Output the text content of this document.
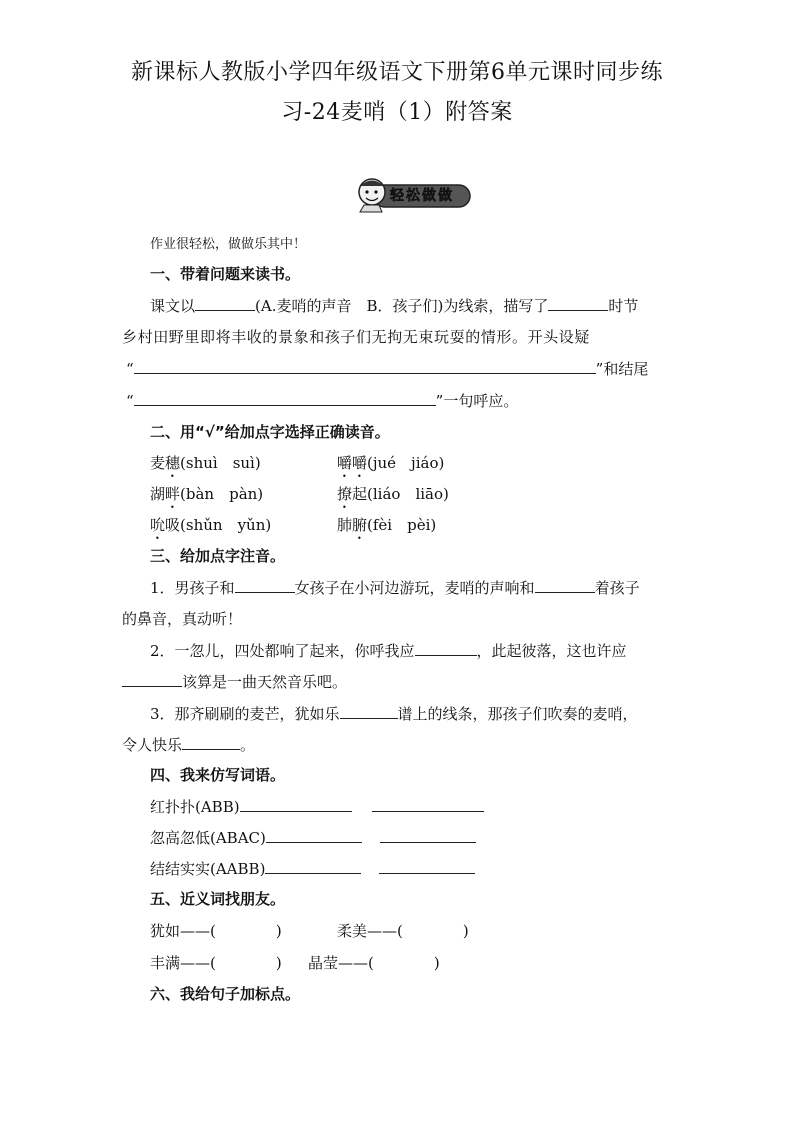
新课标人教版小学四年级语文下册第6单元课时同步练
习-24麦哨（1）附答案
轻松做做
作业很轻松，做做乐其中！
一、带着问题来读书。
课文以	(A.麦哨的声音　B．孩子们)为线索，描写了	时节
乡村田野里即将丰收的景象和孩子们无拘无束玩耍的情形。开头设疑
“	”和结尾
“	”一句呼应。
二、用“√”给加点字选择正确读音。
麦穗(shuì　suì)	嚼嚼(jué　jiáo)
湖畔(bàn　pàn)	撩起(liáo　liāo)
吮吸(shǔn　yǔn)	肺腑(fèi　pèi)
三、给加点字注音。
1．男孩子和	女孩子在小河边游玩，麦哨的声响和	着孩子
的鼻音，真动听！
2．一忽儿，四处都响了起来，你呼我应	，此起彼落，这也许应
该算是一曲天然音乐吧。
3．那齐刷刷的麦芒，犹如乐	谱上的线条，那孩子们吹奏的麦哨，
令人快乐	。
四、我来仿写词语。
红扑扑(ABB)
忽高忽低(ABAC)
结结实实(AABB)
五、近义词找朋友。
犹如——(　　　　)	柔美——(　　　　)
丰满——(　　　　) 晶莹——(　　　　)
六、我给句子加标点。
